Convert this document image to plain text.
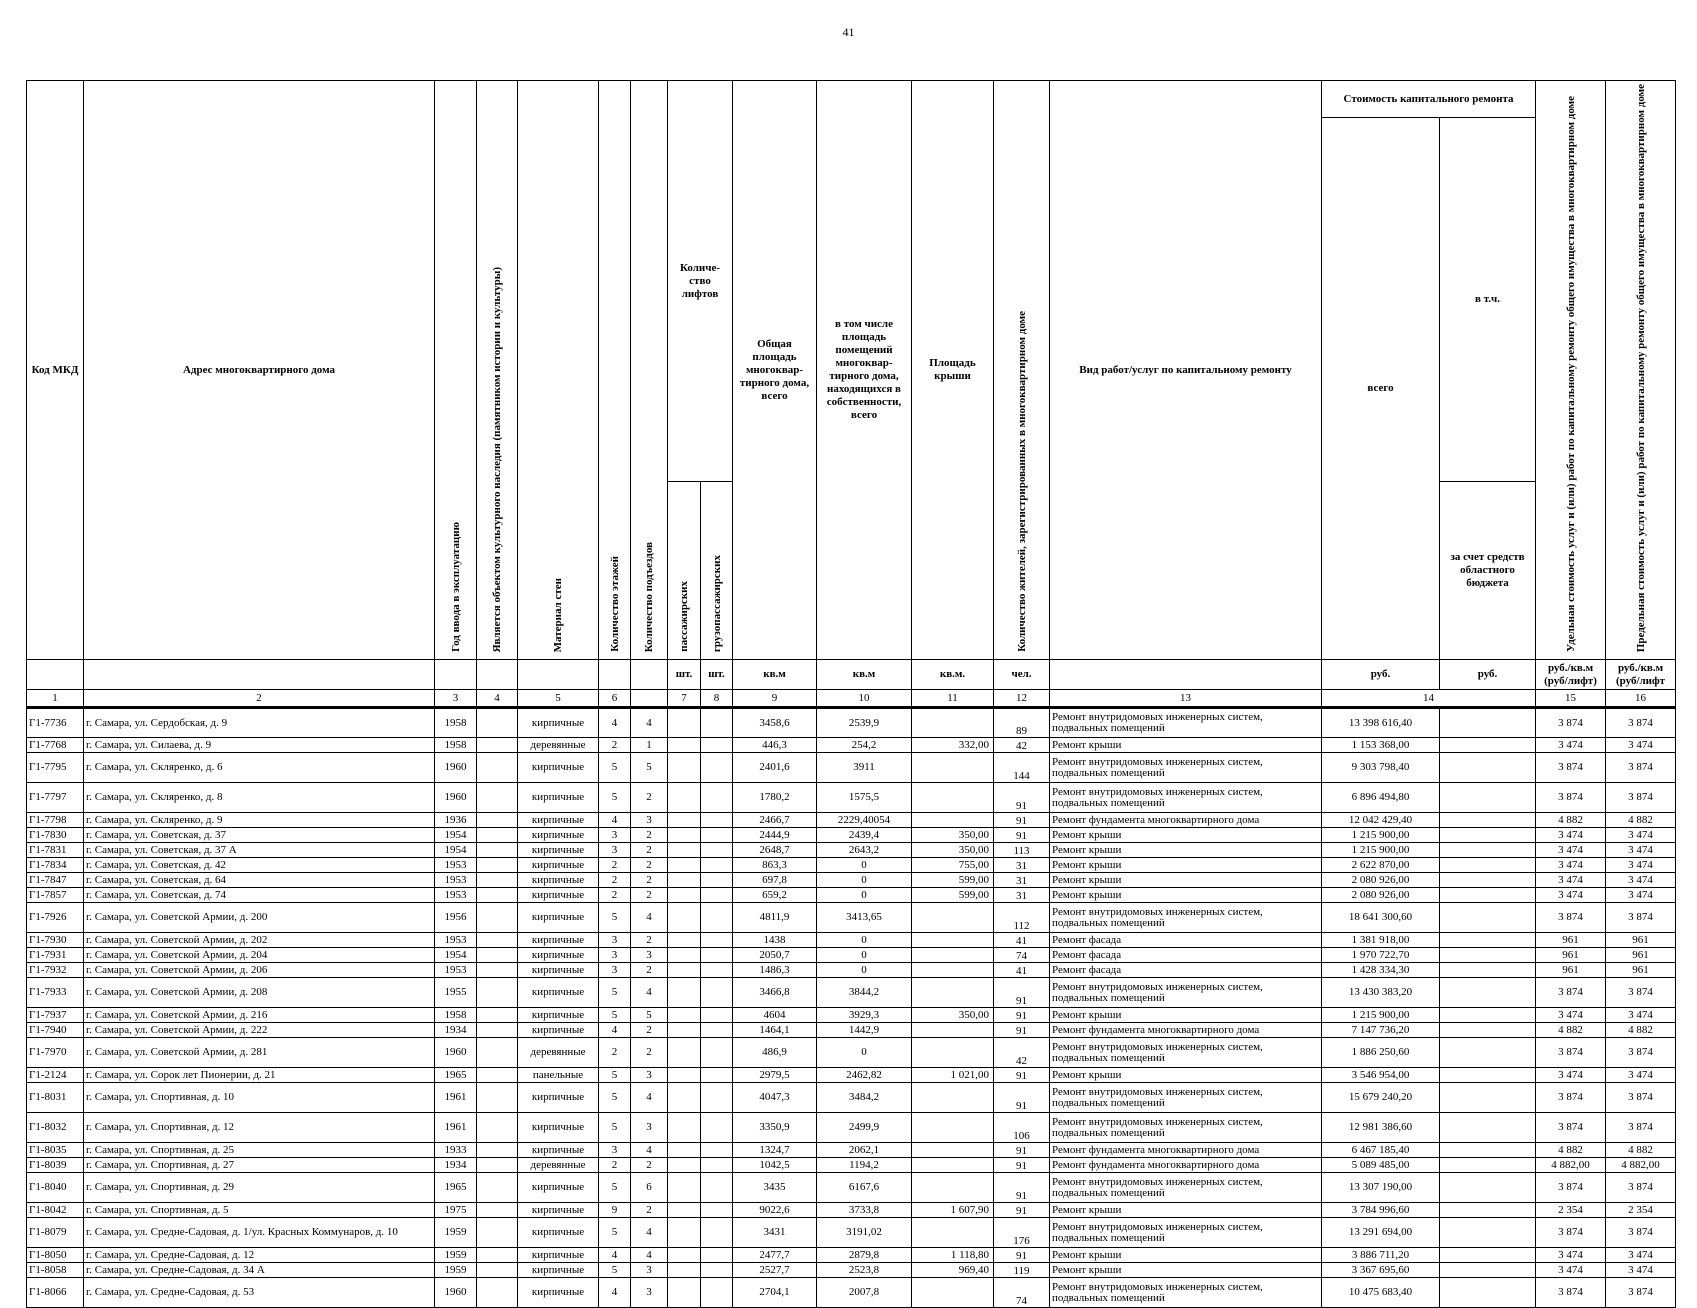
41
Код МКД	Адрес многоквартирного дома	Год ввода в эксплуатацию	Является объектом культурного наследия (памятником истории и культуры)	Материал стен	Количество этажей	Количество подъездов	Количе-ство лифтов		Общая площадь многоквар-тирного дома, всего	в том числе площадь помещений многоквар-тирного дома, находящихся в собственности, всего	Площадь крыши	Количество жителей, зарегистрированных в многоквартирном доме	Вид работ/услуг по капитальному ремонту	Стоимость капитального ремонта		Удельная стоимость услуг и (или) работ по капитальному ремонту общего имущества в многоквартирном доме	Предельная стоимость услуг и (или) работ по капитальному ремонту общего имущества в многоквартирном доме
														всего	в т.ч.		
							пассажирских	грузопассажирских							за счет средств областного бюджета		
							шт.	шт.	кв.м	кв.м	кв.м.	чел.		руб.	руб.	руб./кв.м (руб/лифт)	руб./кв.м (руб/лифт
1	2	3	4	5	6		7	8	9	10	11	12	13	14		15	16
Г1-7736	г. Самара, ул. Сердобская, д. 9	1958		кирпичные	4	4			3458,6	2539,9		89	Ремонт внутридомовых инженерных систем, подвальных помещений	13 398 616,40		3 874	3 874
Г1-7768	г. Самара, ул. Силаева, д. 9	1958		деревянные	2	1			446,3	254,2	332,00	42	Ремонт крыши	1 153 368,00		3 474	3 474
Г1-7795	г. Самара, ул. Скляренко, д. 6	1960		кирпичные	5	5			2401,6	3911		144	Ремонт внутридомовых инженерных систем, подвальных помещений	9 303 798,40		3 874	3 874
Г1-7797	г. Самара, ул. Скляренко, д. 8	1960		кирпичные	5	2			1780,2	1575,5		91	Ремонт внутридомовых инженерных систем, подвальных помещений	6 896 494,80		3 874	3 874
Г1-7798	г. Самара, ул. Скляренко, д. 9	1936		кирпичные	4	3			2466,7	2229,40054		91	Ремонт фундамента многоквартирного дома	12 042 429,40		4 882	4 882
Г1-7830	г. Самара, ул. Советская, д. 37	1954		кирпичные	3	2			2444,9	2439,4	350,00	91	Ремонт крыши	1 215 900,00		3 474	3 474
Г1-7831	г. Самара, ул. Советская, д. 37 А	1954		кирпичные	3	2			2648,7	2643,2	350,00	113	Ремонт крыши	1 215 900,00		3 474	3 474
Г1-7834	г. Самара, ул. Советская, д. 42	1953		кирпичные	2	2			863,3	0	755,00	31	Ремонт крыши	2 622 870,00		3 474	3 474
Г1-7847	г. Самара, ул. Советская, д. 64	1953		кирпичные	2	2			697,8	0	599,00	31	Ремонт крыши	2 080 926,00		3 474	3 474
Г1-7857	г. Самара, ул. Советская, д. 74	1953		кирпичные	2	2			659,2	0	599,00	31	Ремонт крыши	2 080 926,00		3 474	3 474
Г1-7926	г. Самара, ул. Советской Армии, д. 200	1956		кирпичные	5	4			4811,9	3413,65		112	Ремонт внутридомовых инженерных систем, подвальных помещений	18 641 300,60		3 874	3 874
Г1-7930	г. Самара, ул. Советской Армии, д. 202	1953		кирпичные	3	2			1438	0		41	Ремонт фасада	1 381 918,00		961	961
Г1-7931	г. Самара, ул. Советской Армии, д. 204	1954		кирпичные	3	3			2050,7	0		74	Ремонт фасада	1 970 722,70		961	961
Г1-7932	г. Самара, ул. Советской Армии, д. 206	1953		кирпичные	3	2			1486,3	0		41	Ремонт фасада	1 428 334,30		961	961
Г1-7933	г. Самара, ул. Советской Армии, д. 208	1955		кирпичные	5	4			3466,8	3844,2		91	Ремонт внутридомовых инженерных систем, подвальных помещений	13 430 383,20		3 874	3 874
Г1-7937	г. Самара, ул. Советской Армии, д. 216	1958		кирпичные	5	5			4604	3929,3	350,00	91	Ремонт крыши	1 215 900,00		3 474	3 474
Г1-7940	г. Самара, ул. Советской Армии, д. 222	1934		кирпичные	4	2			1464,1	1442,9		91	Ремонт фундамента многоквартирного дома	7 147 736,20		4 882	4 882
Г1-7970	г. Самара, ул. Советской Армии, д. 281	1960		деревянные	2	2			486,9	0		42	Ремонт внутридомовых инженерных систем, подвальных помещений	1 886 250,60		3 874	3 874
Г1-2124	г. Самара, ул. Сорок лет Пионерии, д. 21	1965		панельные	5	3			2979,5	2462,82	1 021,00	91	Ремонт крыши	3 546 954,00		3 474	3 474
Г1-8031	г. Самара, ул. Спортивная, д. 10	1961		кирпичные	5	4			4047,3	3484,2		91	Ремонт внутридомовых инженерных систем, подвальных помещений	15 679 240,20		3 874	3 874
Г1-8032	г. Самара, ул. Спортивная, д. 12	1961		кирпичные	5	3			3350,9	2499,9		106	Ремонт внутридомовых инженерных систем, подвальных помещений	12 981 386,60		3 874	3 874
Г1-8035	г. Самара, ул. Спортивная, д. 25	1933		кирпичные	3	4			1324,7	2062,1		91	Ремонт фундамента многоквартирного дома	6 467 185,40		4 882	4 882
Г1-8039	г. Самара, ул. Спортивная, д. 27	1934		деревянные	2	2			1042,5	1194,2		91	Ремонт фундамента многоквартирного дома	5 089 485,00		4 882,00	4 882,00
Г1-8040	г. Самара, ул. Спортивная, д. 29	1965		кирпичные	5	6			3435	6167,6		91	Ремонт внутридомовых инженерных систем, подвальных помещений	13 307 190,00		3 874	3 874
Г1-8042	г. Самара, ул. Спортивная, д. 5	1975		кирпичные	9	2			9022,6	3733,8	1 607,90	91	Ремонт крыши	3 784 996,60		2 354	2 354
Г1-8079	г. Самара, ул. Средне-Садовая, д. 1/ул. Красных Коммунаров, д. 10	1959		кирпичные	5	4			3431	3191,02		176	Ремонт внутридомовых инженерных систем, подвальных помещений	13 291 694,00		3 874	3 874
Г1-8050	г. Самара, ул. Средне-Садовая, д. 12	1959		кирпичные	4	4			2477,7	2879,8	1 118,80	91	Ремонт крыши	3 886 711,20		3 474	3 474
Г1-8058	г. Самара, ул. Средне-Садовая, д. 34 А	1959		кирпичные	5	3			2527,7	2523,8	969,40	119	Ремонт крыши	3 367 695,60		3 474	3 474
Г1-8066	г. Самара, ул. Средне-Садовая, д. 53	1960		кирпичные	4	3			2704,1	2007,8		74	Ремонт внутридомовых инженерных систем, подвальных помещений	10 475 683,40		3 874	3 874
